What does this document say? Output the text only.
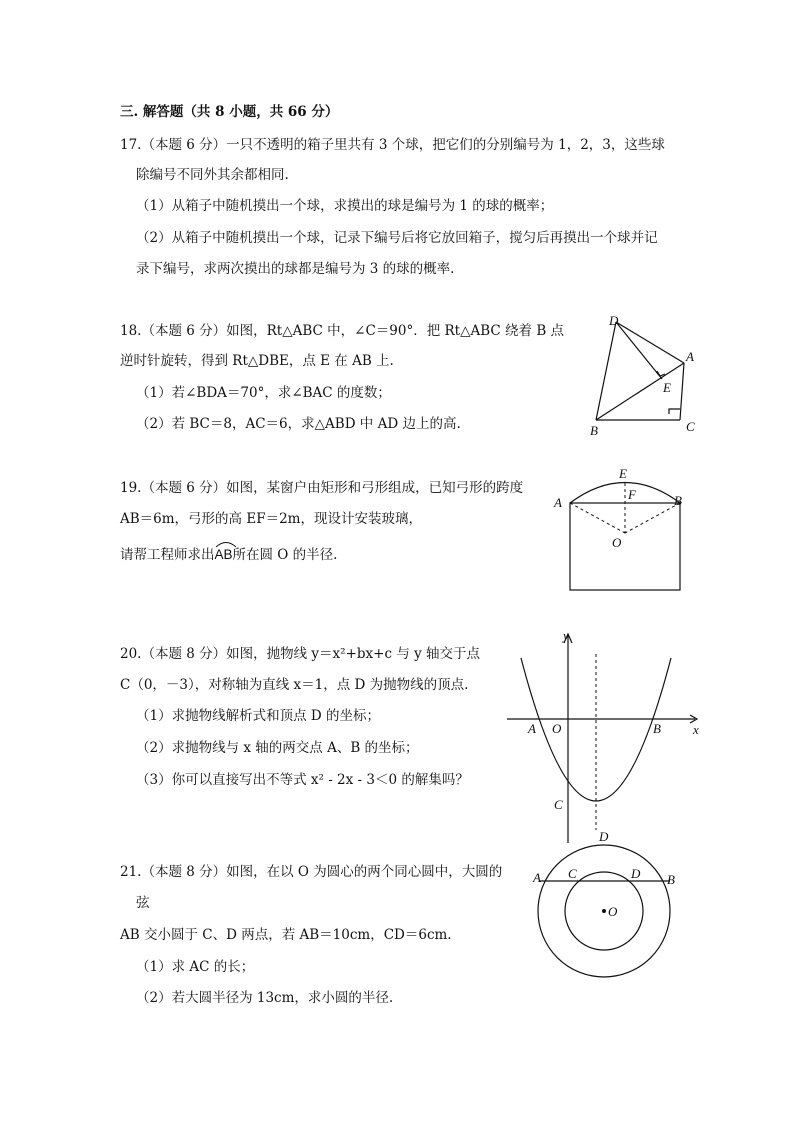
三. 解答题（共 8 小题，共 66 分）
17.（本题 6 分）一只不透明的箱子里共有 3 个球，把它们的分别编号为 1，2，3，这些球
除编号不同外其余都相同.
（1）从箱子中随机摸出一个球，求摸出的球是编号为 1 的球的概率；
（2）从箱子中随机摸出一个球，记录下编号后将它放回箱子，搅匀后再摸出一个球并记
录下编号，求两次摸出的球都是编号为 3 的球的概率.
18.（本题 6 分）如图，Rt△ABC 中，∠C＝90°．把 Rt△ABC 绕着 B 点
逆时针旋转，得到 Rt△DBE，点 E 在 AB 上.
（1）若∠BDA＝70°，求∠BAC 的度数；
（2）若 BC＝8，AC＝6，求△ABD 中 AD 边上的高.
D
A
E
B	C
19.（本题 6 分）如图，某窗户由矩形和弓形组成，已知弓形的跨度
AB＝6m，弓形的高 EF＝2m，现设计安装玻璃，
请帮工程师求出
AB所在圆 O 的半径.
E
F
A	B
O
20.（本题 8 分）如图，抛物线 y＝x²+bx+c 与 y 轴交于点
C（0，－3），对称轴为直线 x＝1，点 D 为抛物线的顶点.
（1）求抛物线解析式和顶点 D 的坐标；
（2）求抛物线与 x 轴的两交点 A、B 的坐标；
（3）你可以直接写出不等式 x² - 2x - 3＜0 的解集吗？
y
x
A O	B
C
D
21.（本题 8 分）如图，在以 O 为圆心的两个同心圆中，大圆的
弦
AB 交小圆于 C、D 两点，若 AB＝10cm，CD＝6cm.
（1）求 AC 的长；
（2）若大圆半径为 13cm，求小圆的半径.
A C	D B
O
